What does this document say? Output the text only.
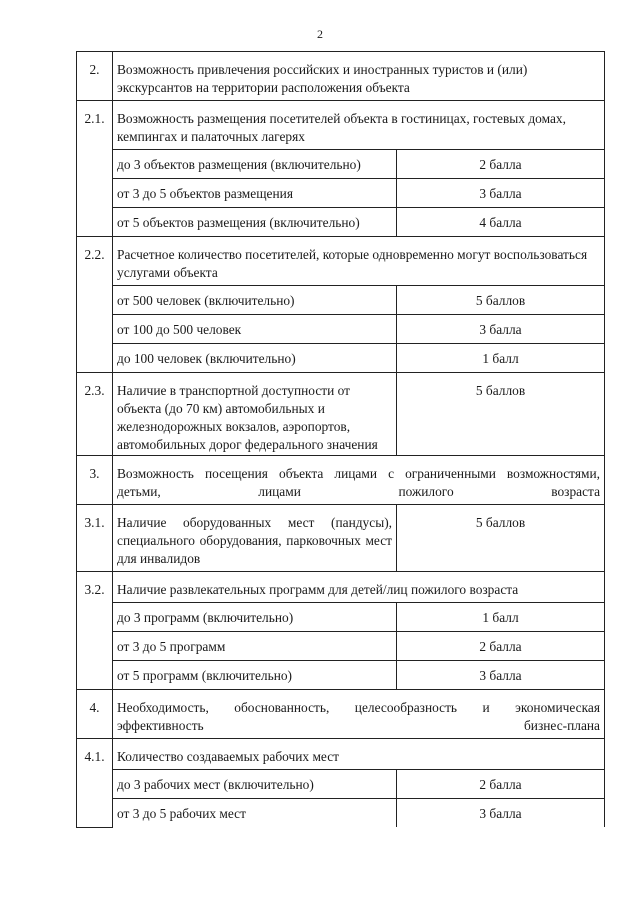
2
2.	Возможность привлечения российских и иностранных туристов и (или) экскурсантов на территории расположения объекта	
2.1.	Возможность размещения посетителей объекта в гостиницах, гостевых домах, кемпингах и палаточных лагерях	
	до 3 объектов размещения (включительно)	2 балла
	от 3 до 5 объектов размещения	3 балла
	от 5 объектов размещения (включительно)	4 балла
2.2.	Расчетное количество посетителей, которые одновременно могут воспользоваться услугами объекта	
	от 500 человек (включительно)	5 баллов
	от 100 до 500 человек	3 балла
	до 100 человек (включительно)	1 балл
2.3.	Наличие в транспортной доступности от объекта (до 70 км) автомобильных и железнодорожных вокзалов, аэропортов, автомобильных дорог федерального значения	5 баллов
3.	Возможность посещения объекта лицами с ограниченными возможностями, детьми, лицами пожилого возраста	
3.1.	Наличие оборудованных мест (пандусы), специального оборудования, парковочных мест для инвалидов	5 баллов
3.2.	Наличие развлекательных программ для детей/лиц пожилого возраста	
	до 3 программ (включительно)	1 балл
	от 3 до 5 программ	2 балла
	от 5 программ (включительно)	3 балла
4.	Необходимость, обоснованность, целесообразность и экономическая эффективность бизнес-плана	
4.1.	Количество создаваемых рабочих мест	
	до 3 рабочих мест (включительно)	2 балла
	от 3 до 5 рабочих мест	3 балла
